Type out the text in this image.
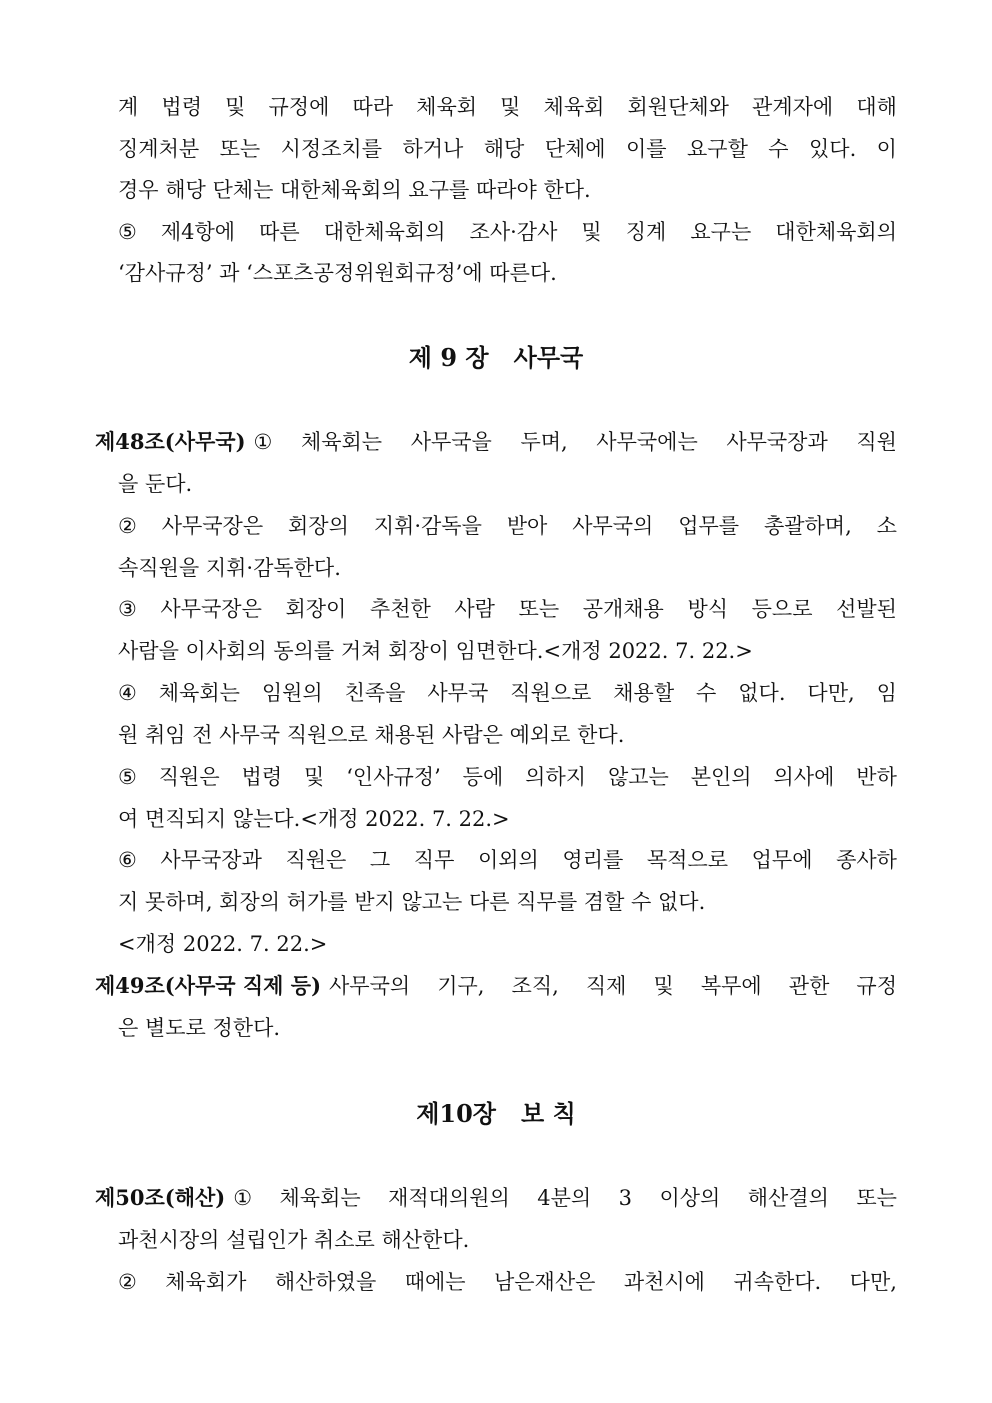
계 법령 및 규정에 따라 체육회 및 체육회 회원단체와 관계자에 대해
징계처분 또는 시정조치를 하거나 해당 단체에 이를 요구할 수 있다. 이
경우 해당 단체는 대한체육회의 요구를 따라야 한다.
⑤ 제4항에 따른 대한체육회의 조사·감사 및 징계 요구는 대한체육회의
‘감사규정’ 과 ‘스포츠공정위원회규정’에 따른다.
제 9 장   사무국
제48조(사무국) ① 체육회는 사무국을 두며, 사무국에는 사무국장과 직원
을 둔다.
② 사무국장은 회장의 지휘·감독을 받아 사무국의 업무를 총괄하며, 소
속직원을 지휘·감독한다.
③ 사무국장은 회장이 추천한 사람 또는 공개채용 방식 등으로 선발된
사람을 이사회의 동의를 거쳐 회장이 임면한다.<개정 2022. 7. 22.>
④ 체육회는 임원의 친족을 사무국 직원으로 채용할 수 없다. 다만, 임
원 취임 전 사무국 직원으로 채용된 사람은 예외로 한다.
⑤ 직원은 법령 및 ‘인사규정’ 등에 의하지 않고는 본인의 의사에 반하
여 면직되지 않는다.<개정 2022. 7. 22.>
⑥ 사무국장과 직원은 그 직무 이외의 영리를 목적으로 업무에 종사하
지 못하며, 회장의 허가를 받지 않고는 다른 직무를 겸할 수 없다.
<개정 2022. 7. 22.>
제49조(사무국 직제 등) 사무국의 기구, 조직, 직제 및 복무에 관한 규정
은 별도로 정한다.
제10장   보 칙
제50조(해산) ① 체육회는 재적대의원의 4분의 3 이상의 해산결의 또는
과천시장의 설립인가 취소로 해산한다.
② 체육회가 해산하였을 때에는 남은재산은 과천시에 귀속한다. 다만,
